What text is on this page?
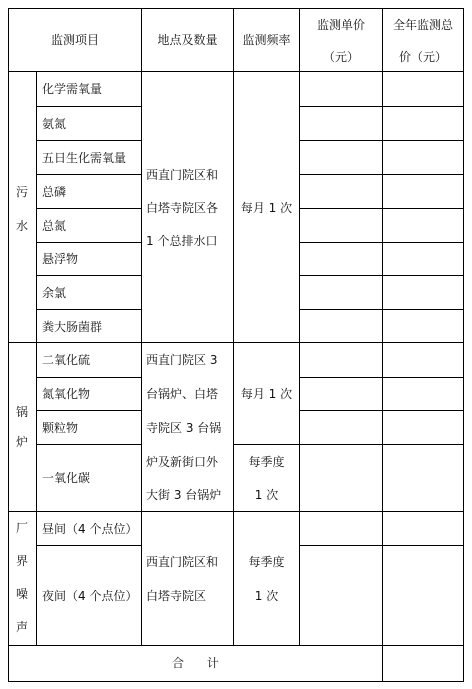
监测项目	地点及数量	监测频率
监测单价
（元）
全年监测总
价（元）
污
水
化学需氧量
氨氮
五日生化需氧量
总磷
总氮
悬浮物
余氯
粪大肠菌群
西直门院区和
白塔寺院区各
1 个总排水口
每月 1 次
锅
炉
二氧化硫
氮氧化物
颗粒物
一氧化碳
西直门院区 3
台锅炉、白塔
寺院区 3 台锅
炉及新街口外
大街 3 台锅炉
每月 1 次
每季度
1 次
厂
界
噪
声
昼间（4 个点位）
夜间（4 个点位）
西直门院区和
白塔寺院区
每季度
1 次
合      计
